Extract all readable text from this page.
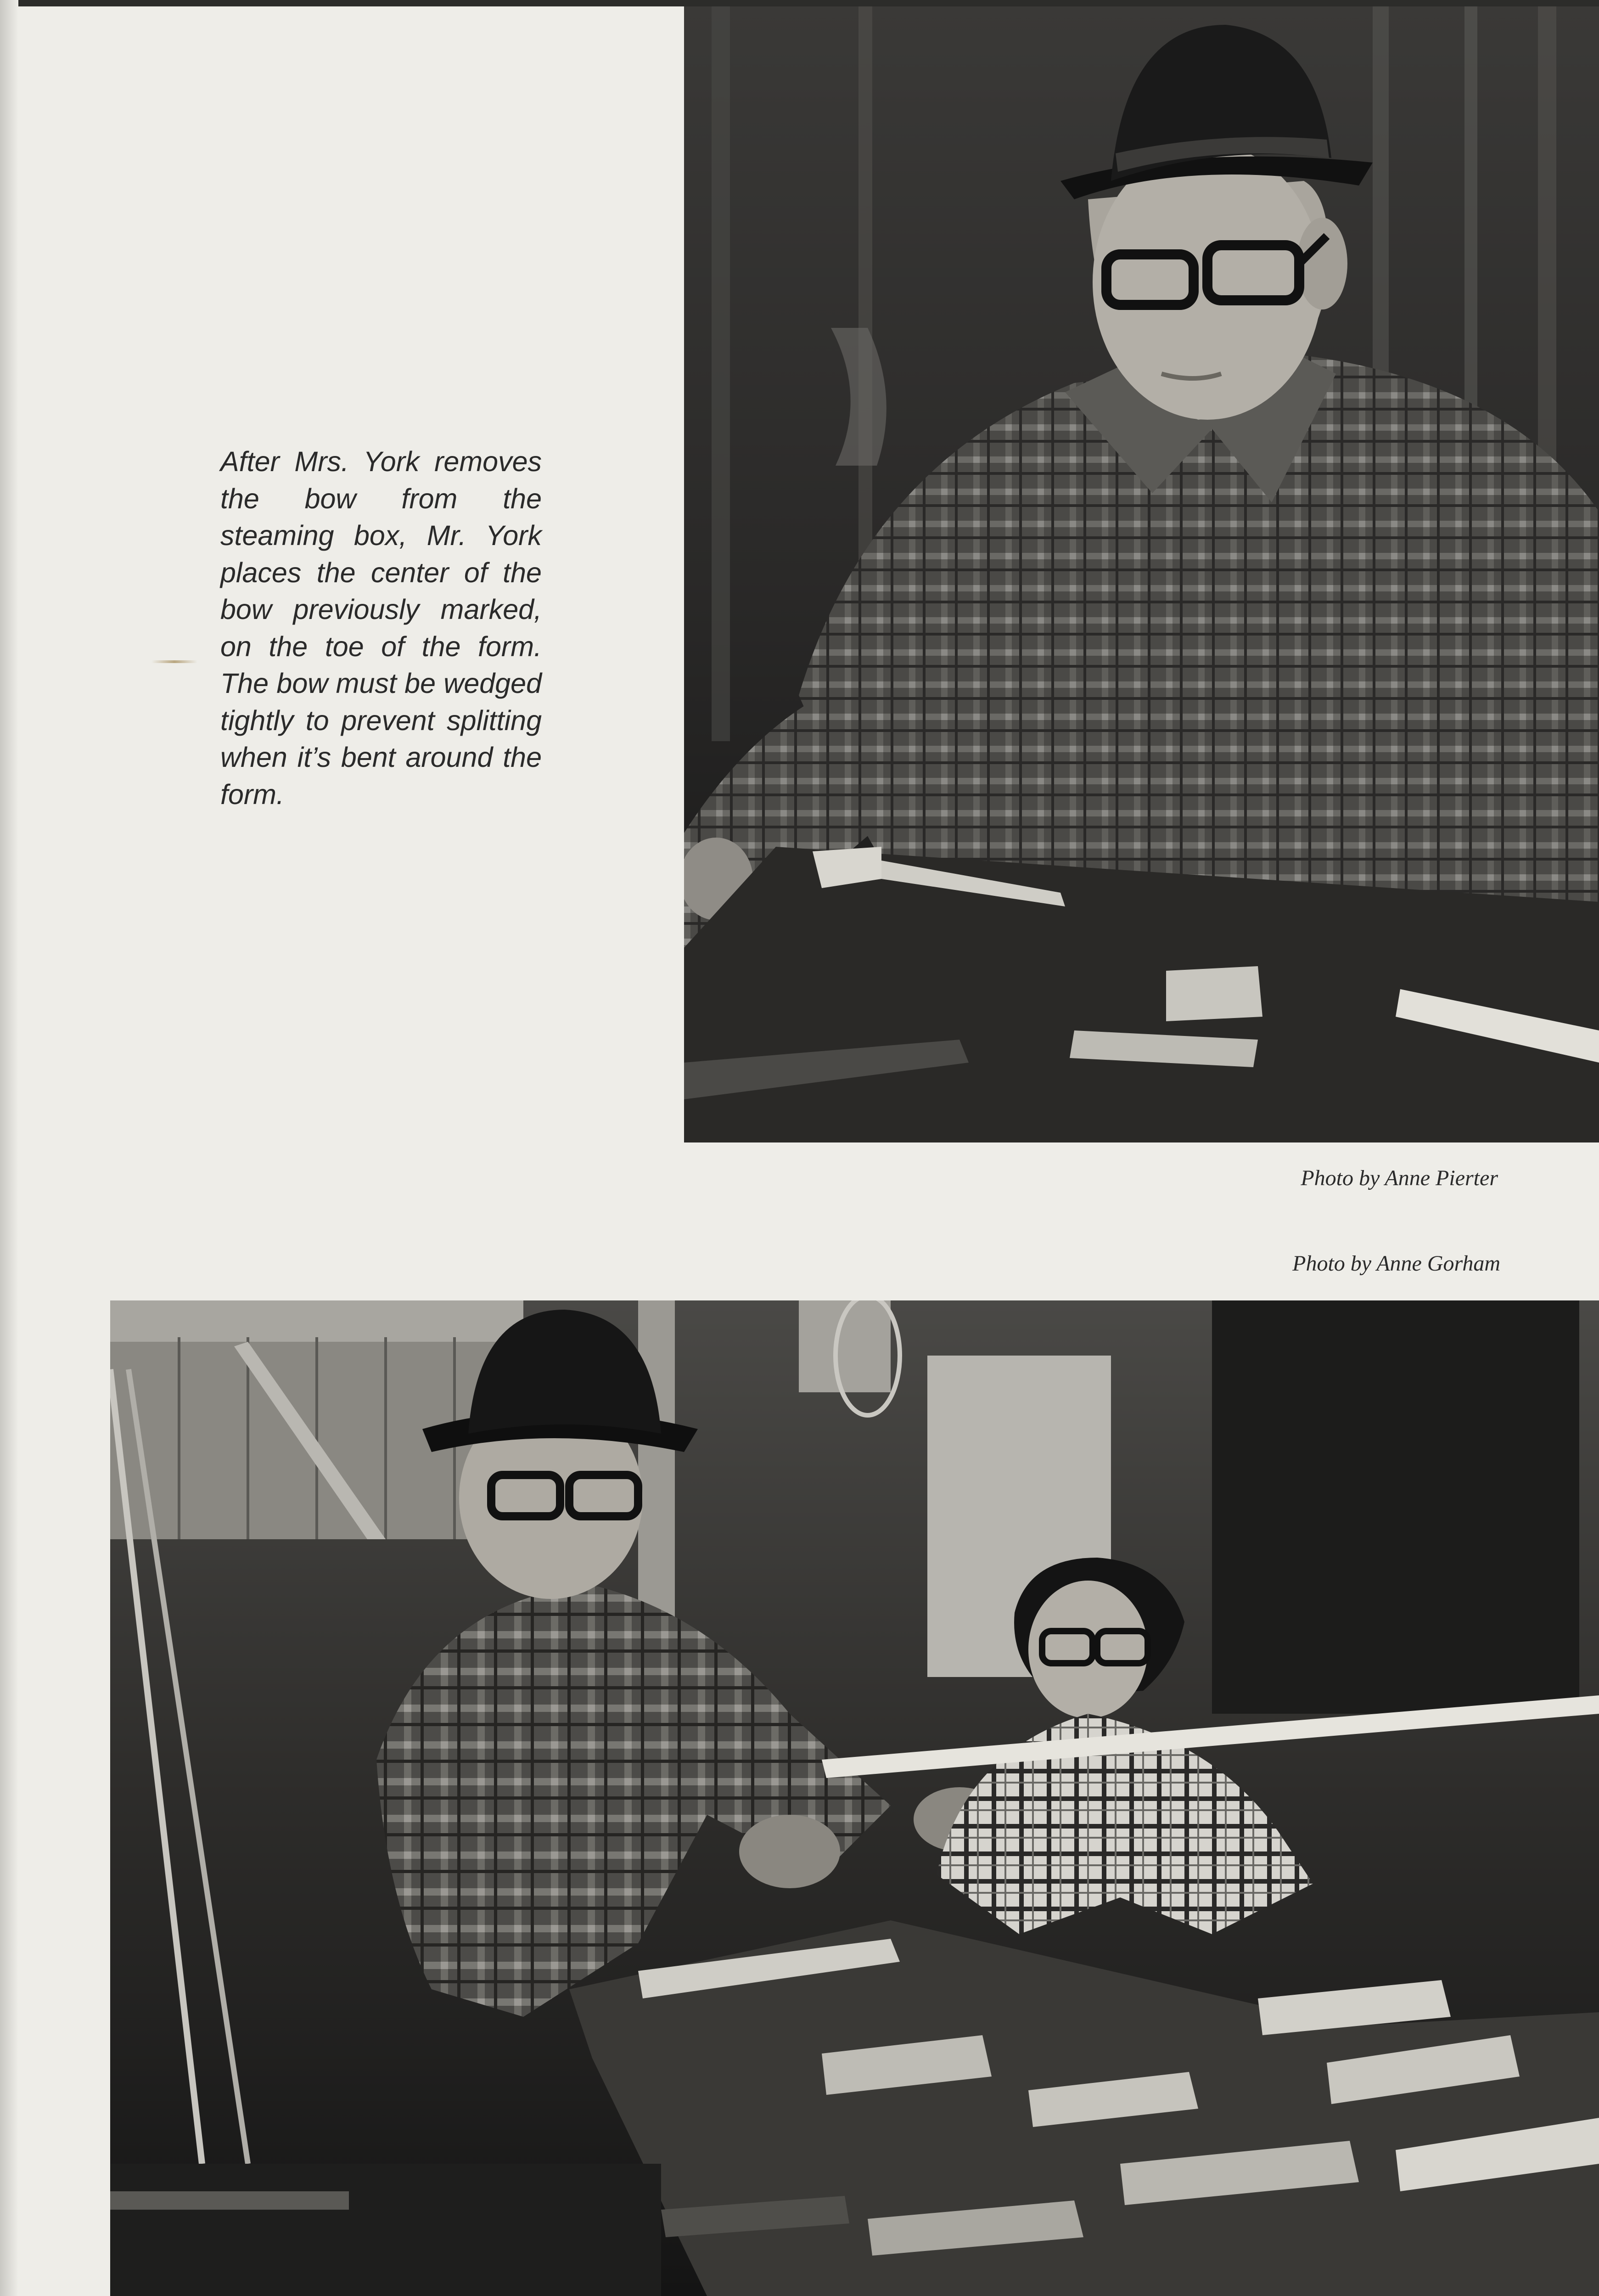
After Mrs. York removes the bow from the steaming box, Mr. York places the center of the bow previously marked, on the toe of the form. The bow must be wedged tightly to prevent splitting when it’s bent around the form.
Photo by Anne Pierter
Photo by Anne Gorham
